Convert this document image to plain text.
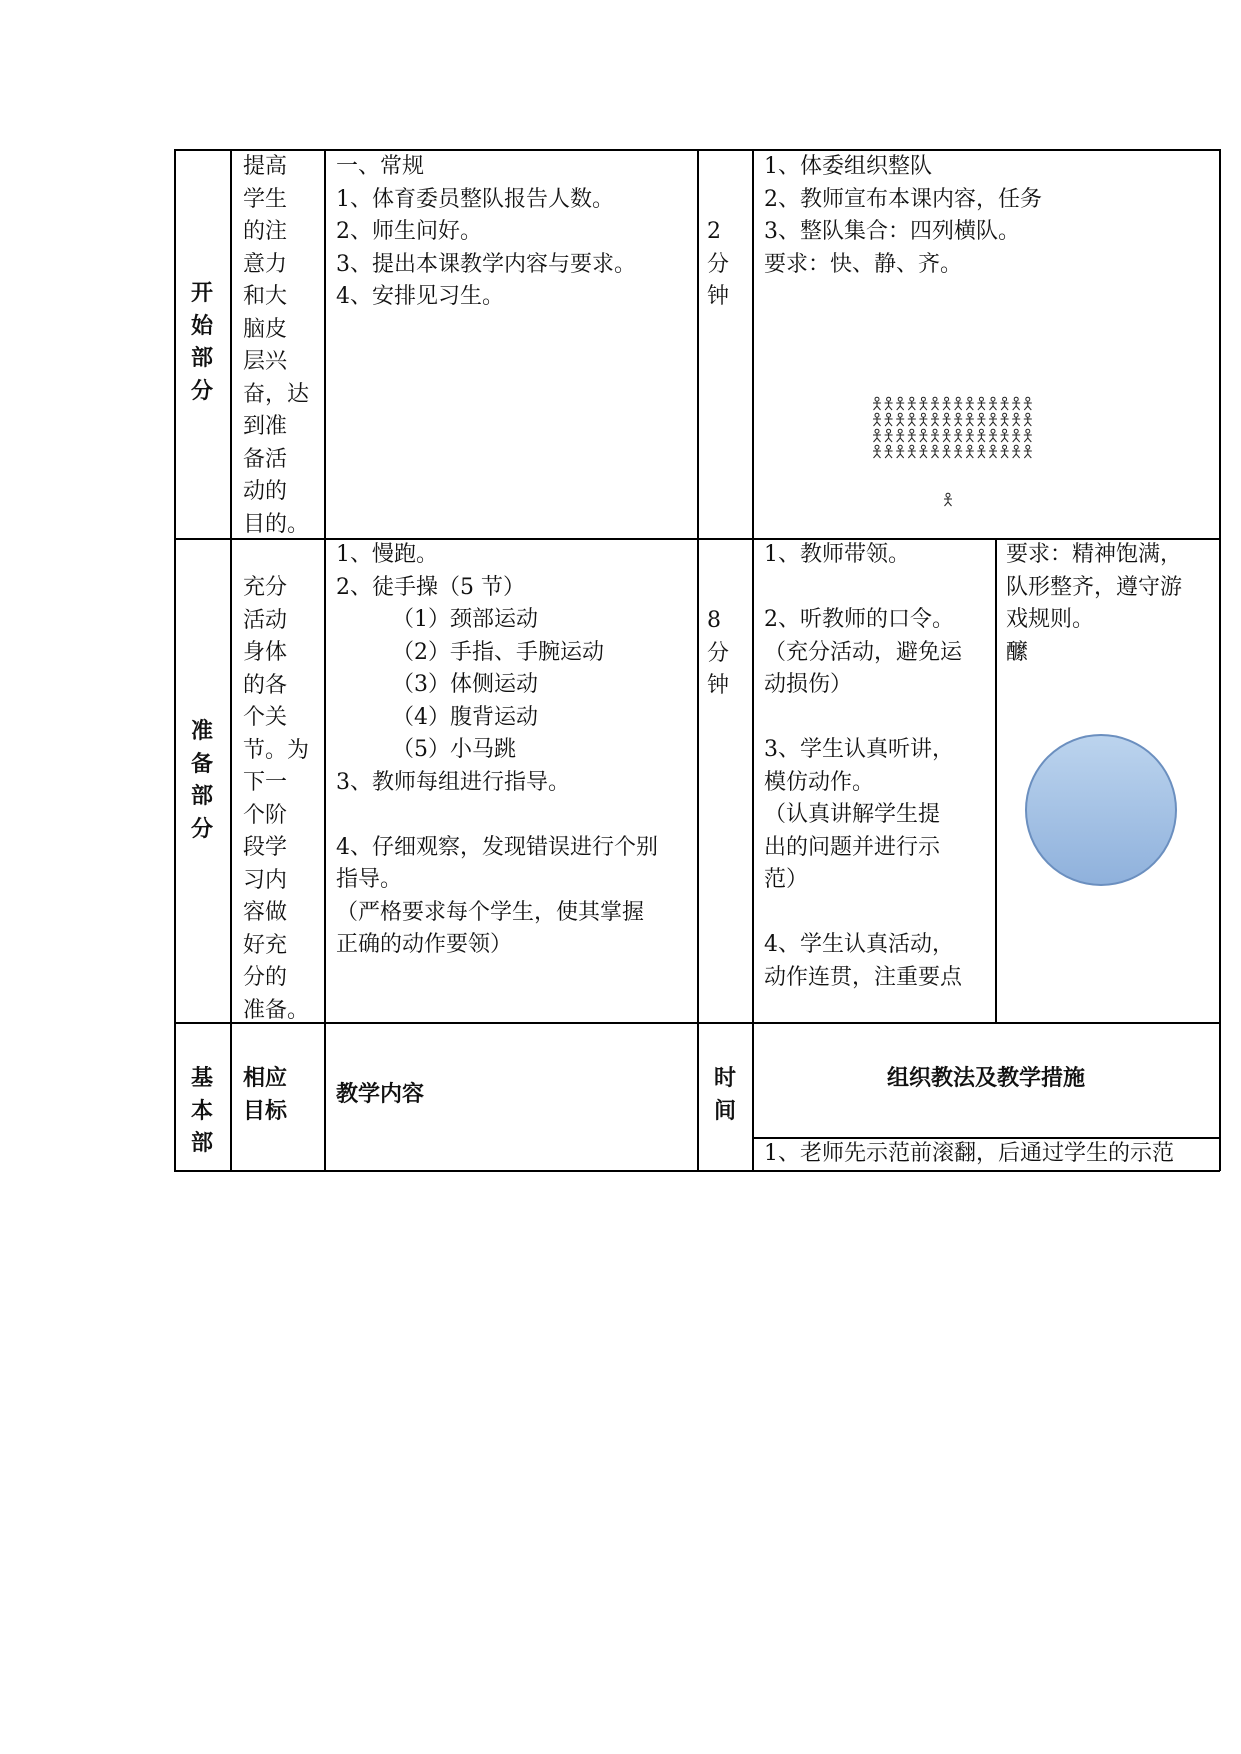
开
始
部
分
提高
学生
的注
意力
和大
脑皮
层兴
奋，达
到准
备活
动的
目的。
一、常规
1、体育委员整队报告人数。
2、师生问好。
3、提出本课教学内容与要求。
4、安排见习生。
2
分
钟
1、体委组织整队
2、教师宣布本课内容，任务
3、整队集合：四列横队。
要求：快、静、齐。
准
备
部
分
充分
活动
身体
的各
个关
节。为
下一
个阶
段学
习内
容做
好充
分的
准备。
1、慢跑。
2、徒手操（5 节）
（1）颈部运动
（2）手指、手腕运动
（3）体侧运动
（4）腹背运动
（5）小马跳
3、教师每组进行指导。

4、仔细观察，发现错误进行个别
指导。
（严格要求每个学生，使其掌握
正确的动作要领）
8
分
钟
1、教师带领。

2、听教师的口令。
（充分活动，避免运
动损伤）

3、学生认真听讲，
模仿动作。
（认真讲解学生提
出的问题并进行示
范）

4、学生认真活动，
动作连贯，注重要点
要求：精神饱满，
队形整齐，遵守游
戏规则。
醿
基
本
部
相应
目标
教学内容
时
间
组织教法及教学措施
1、老师先示范前滚翻，后通过学生的示范
